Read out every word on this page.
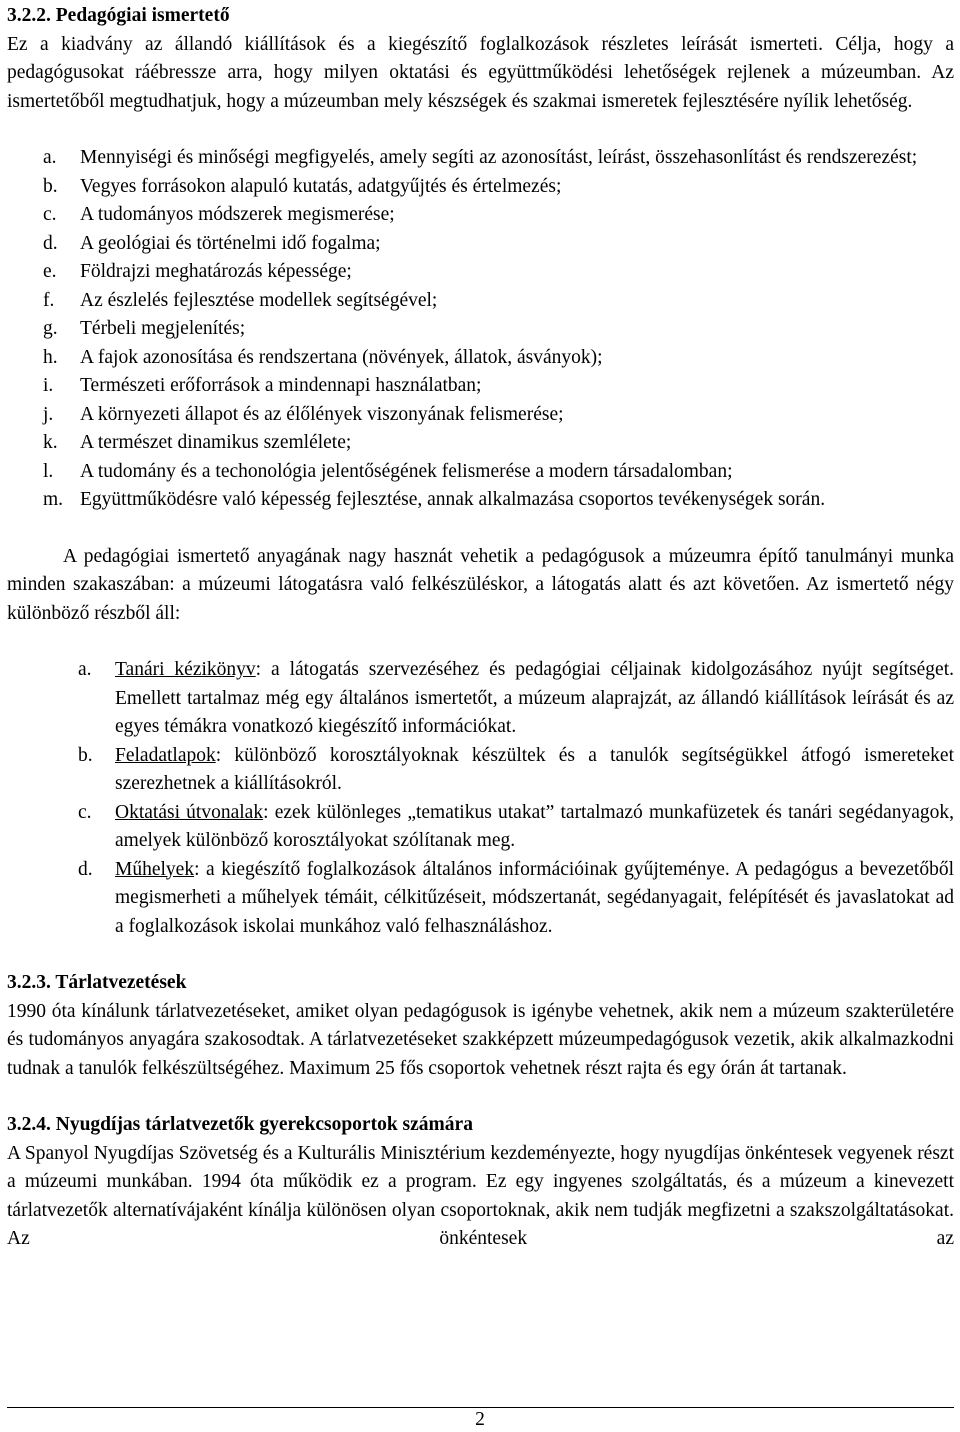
3.2.2. Pedagógiai ismertető

Ez a kiadvány az állandó kiállítások és a kiegészítő foglalkozások részletes leírását ismerteti. Célja, hogy a pedagógusokat ráébressze arra, hogy milyen oktatási és együttműködési lehetőségek rejlenek a múzeumban. Az ismertetőből megtudhatjuk, hogy a múzeumban mely készségek és szakmai ismeretek fejlesztésére nyílik lehetőség.

a.	Mennyiségi és minőségi megfigyelés, amely segíti az azonosítást, leírást, összehasonlítást és rendszerezést;
b.	Vegyes forrásokon alapuló kutatás, adatgyűjtés és értelmezés;
c.	A tudományos módszerek megismerése;
d.	A geológiai és történelmi idő fogalma;
e.	Földrajzi meghatározás képessége;
f.	Az észlelés fejlesztése modellek segítségével;
g.	Térbeli megjelenítés;
h.	A fajok azonosítása és rendszertana (növények, állatok, ásványok);
i.	Természeti erőforrások a mindennapi használatban;
j.	A környezeti állapot és az élőlények viszonyának felismerése;
k.	A természet dinamikus szemlélete;
l.	A tudomány és a techonológia jelentőségének felismerése a modern társadalomban;
m. Együttműködésre való képesség fejlesztése, annak alkalmazása csoportos tevékenységek során.

A pedagógiai ismertető anyagának nagy hasznát vehetik a pedagógusok a múzeumra építő tanulmányi munka minden szakaszában: a múzeumi látogatásra való felkészüléskor, a látogatás alatt és azt követően. Az ismertető négy különböző részből áll:

a.	Tanári kézikönyv: a látogatás szervezéséhez és pedagógiai céljainak kidolgozásához nyújt segítséget. Emellett tartalmaz még egy általános ismertetőt, a múzeum alaprajzát, az állandó kiállítások leírását és az egyes témákra vonatkozó kiegészítő információkat.
b.	Feladatlapok: különböző korosztályoknak készültek és a tanulók segítségükkel átfogó ismereteket szerezhetnek a kiállításokról.
c.	Oktatási útvonalak: ezek különleges „tematikus utakat” tartalmazó munkafüzetek és tanári segédanyagok, amelyek különböző korosztályokat szólítanak meg.
d.	Műhelyek: a kiegészítő foglalkozások általános információinak gyűjteménye. A pedagógus a bevezetőből megismerheti a műhelyek témáit, célkitűzéseit, módszertanát, segédanyagait, felépítését és javaslatokat ad a foglalkozások iskolai munkához való felhasználáshoz.
3.2.3. Tárlatvezetések

1990 óta kínálunk tárlatvezetéseket, amiket olyan pedagógusok is igénybe vehetnek, akik nem a múzeum szakterületére és tudományos anyagára szakosodtak. A tárlatvezetéseket szakképzett múzeumpedagógusok vezetik, akik alkalmazkodni tudnak a tanulók felkészültségéhez. Maximum 25 fős csoportok vehetnek részt rajta és egy órán át tartanak.

3.2.4. Nyugdíjas tárlatvezetők gyerekcsoportok számára

A Spanyol Nyugdíjas Szövetség és a Kulturális Minisztérium kezdeményezte, hogy nyugdíjas önkéntesek vegyenek részt a múzeumi munkában. 1994 óta működik ez a program. Ez egy ingyenes szolgáltatás, és a múzeum a kinevezett tárlatvezetők alternatívájaként kínálja különösen olyan csoportoknak, akik nem tudják megfizetni a szakszolgáltatásokat. Az önkéntesek az

2
